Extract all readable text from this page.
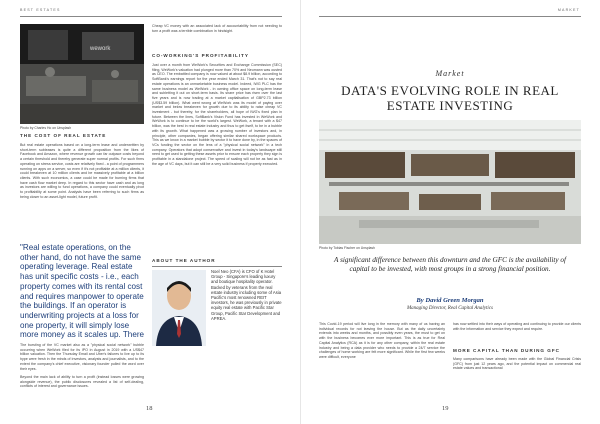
BEST ESTATES
wework
Photo by Charles Ho on Unsplash
THE COST OF REAL ESTATE
But real estate operations based on a long-term lease and underwritten by short-term subleases is quite a different proposition from the likes of Facebook and Amazon, where revenue growth can far outpace costs beyond a certain threshold and thereby generate super normal profits. For such firms operating on stress service, costs are relatively fixed - a point of programmers running on apps on a server, so even if it's not profitable at a million clients, it could breakeven at 10 million clients and be massively profitable at a billion clients. With such economics, a case could be made for burning firms that have cash flow market deep. In regard to this sector have cash and as long as investors are willing to fund operations, a company could eventually pivot to profitability at some point. Analysts have been referring to such firms as being closer to an asset-light model, future profit.
"Real estate operations, on the other hand, do not have the same operating leverage. Real estate has unit specific costs - i.e., each property comes with its rental cost and requires manpower to operate the buildings. If an operator is underwriting projects at a loss for one property, it will simply lose more money as it scales up. There
The bursting of the VC market also as a "physical social network" bubble occurring when WeWork filed for its IPO in August in 2019 with a US$47 billion valuation. Then the Thursday Email and Uber's failures to live up to its hype were fresh in the minds of investors, analysts and journalists, and to the extent the company's chief executive, visionary founder pulled the word over their eyes.
Beyond the main lack of ability to turn a profit (instead losses were growing alongside revenue), the public disclosures revealed a list of self-dealing, conflicts of interest and governance issues.
Cheap VC money with an associated lack of accountability from not needing to turn a profit was a terrible combination in hindsight.
CO-WORKING'S PROFITABILITY
Just over a month from WeWork's Securities and Exchange Commission (SEC) filing, WeWork's valuation had plunged more than 70% and Neumann was ousted as CEO. The embattled company is now valued at about $8.9 billion, according to SoftBank's earnings report for the year ended March 31. That's not to say real estate operations is an unmarketable business model. Indeed, IWG PLC has the same business model as WeWork - in owning office space on long-term lease and subletting it out on short-term basis. Its share price has risen over the last five years and is now trading at a market capitalisation of GBP2.73 billion (US$3.59 billion). What went wrong at WeWork was its model of paying over market and below breakeven for growth due to its ability to raise cheap VC investment - but thereby, for the shareholders, all hope of IWG's fixed plan in future. Between the lines, SoftBank's Vision Fund has invested in WeWork and WeWork is to continue to be the world's largest. WeWork, a tenant with a $47 billion, was the best in real estate industry and thus to get itself, to be in a bubble with its growth. What happened was a growing number of investors and, in principle, other companies, began offering similar shared workspace products. This as we know in a market bubble by sector it to have done by, in the spaces of VCs funding the sector on the lens of a "physical social network" in a tech company. Operators that adopt conservative and invest in today's landscape still need to get used to getting these assets prior to ensure each property they sign is profitable in a standalone project. The speed of scaling will not be as fast as in the age of VC days, but it can still be a very solid business if property executed.
ABOUT THE AUTHOR
Noel Neo (CFA) is CFO of K Hotel Group - Singapore's leading luxury and boutique hospitality operator. Backed by veterans from the real estate industry including some of Asia Pacific's most renowned REIT investors, he was previously in private equity real estate with Pacific Star Group, Pacific Star Development and APREA.
18
MARKET
Market
DATA'S EVOLVING ROLE IN REAL ESTATE INVESTING
Photo by Tobias Fischer on Unsplash
A significant difference between this downturn and the GFC is the availability of capital to be invested, with most groups in a strong financial position.
By David Green Morgan
Managing Director, Real Capital Analytics
This Covid-19 period will live long in the memory with many of us having an individual records for not leaving the house. But as the daily uncertainty extends into weeks and months, and possibly even years, the must to get on with the business becomes ever more important. This is as true for Real Capital Analytics (RCA) as it is for any other company, within the real estate industry and being a data provider who needs to provide a 24/7 service the challenges of home working are felt more significant. While the first few weeks were difficult, everyone
has now settled into their ways of operating and continuing to provide our clients with the information and service they expect and require.
MORE CAPITAL THAN DURING GFC
Many comparisons have already been made with the Global Financial Crisis (GFC) from just 12 years ago, and the potential impact on commercial real estate values and transactional
19
